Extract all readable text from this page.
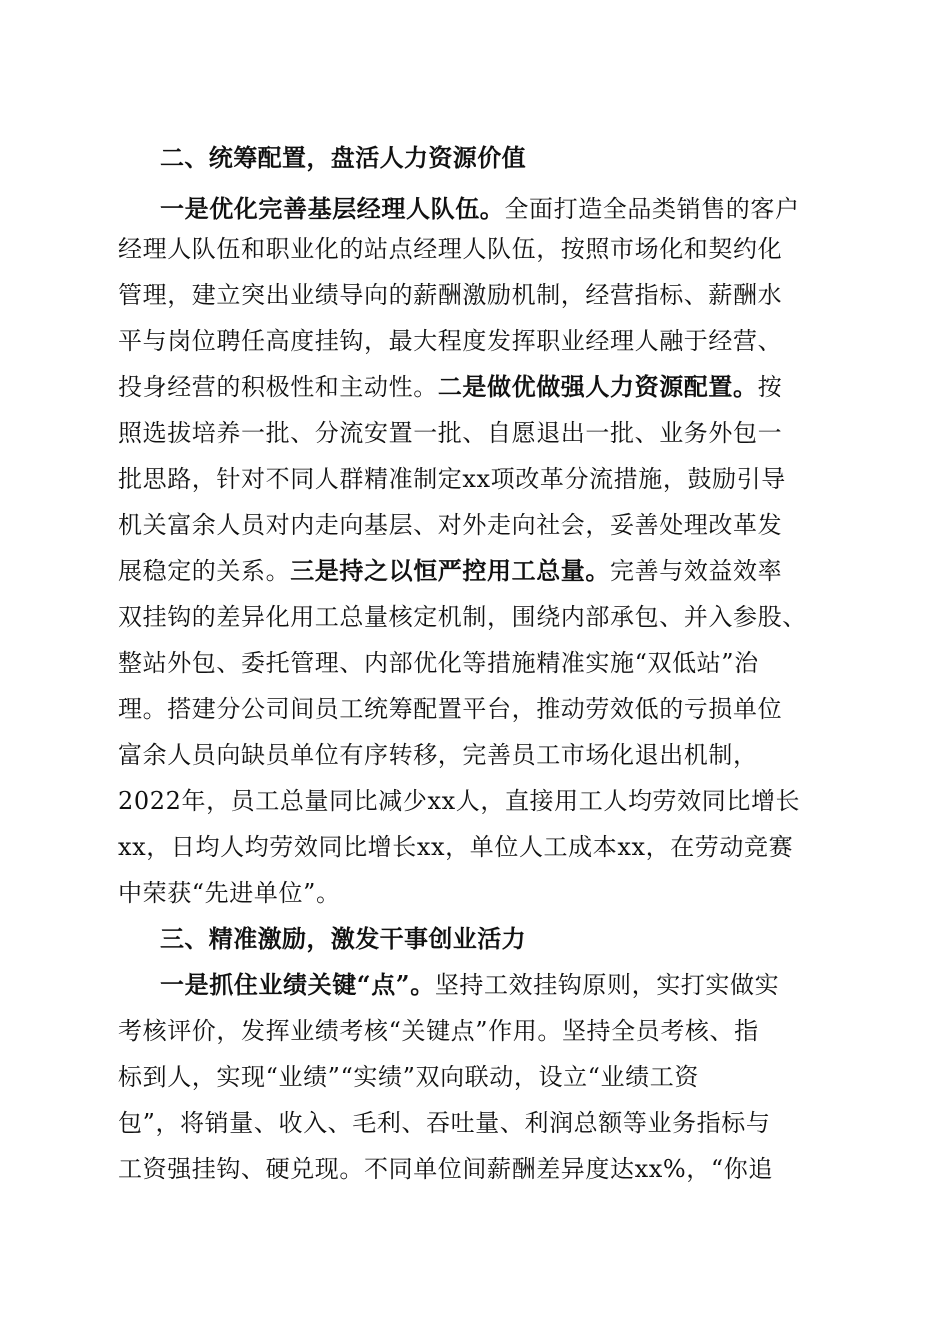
二、统筹配置，盘活人力资源价值
一是优化完善基层经理人队伍。全面打造全品类销售的客户
经理人队伍和职业化的站点经理人队伍，按照市场化和契约化
管理，建立突出业绩导向的薪酬激励机制，经营指标、薪酬水
平与岗位聘任高度挂钩，最大程度发挥职业经理人融于经营、
投身经营的积极性和主动性。二是做优做强人力资源配置。按
照选拔培养一批、分流安置一批、自愿退出一批、业务外包一
批思路，针对不同人群精准制定xx项改革分流措施，鼓励引导
机关富余人员对内走向基层、对外走向社会，妥善处理改革发
展稳定的关系。三是持之以恒严控用工总量。完善与效益效率
双挂钩的差异化用工总量核定机制，围绕内部承包、并入参股、
整站外包、委托管理、内部优化等措施精准实施“双低站”治
理。搭建分公司间员工统筹配置平台，推动劳效低的亏损单位
富余人员向缺员单位有序转移，完善员工市场化退出机制，
2022年，员工总量同比减少xx人，直接用工人均劳效同比增长
xx，日均人均劳效同比增长xx，单位人工成本xx，在劳动竞赛
中荣获“先进单位”。
三、精准激励，激发干事创业活力
一是抓住业绩关键“点”。坚持工效挂钩原则，实打实做实
考核评价，发挥业绩考核“关键点”作用。坚持全员考核、指
标到人，实现“业绩”“实绩”双向联动，设立“业绩工资
包”，将销量、收入、毛利、吞吐量、利润总额等业务指标与
工资强挂钩、硬兑现。不同单位间薪酬差异度达xx%，“你追
